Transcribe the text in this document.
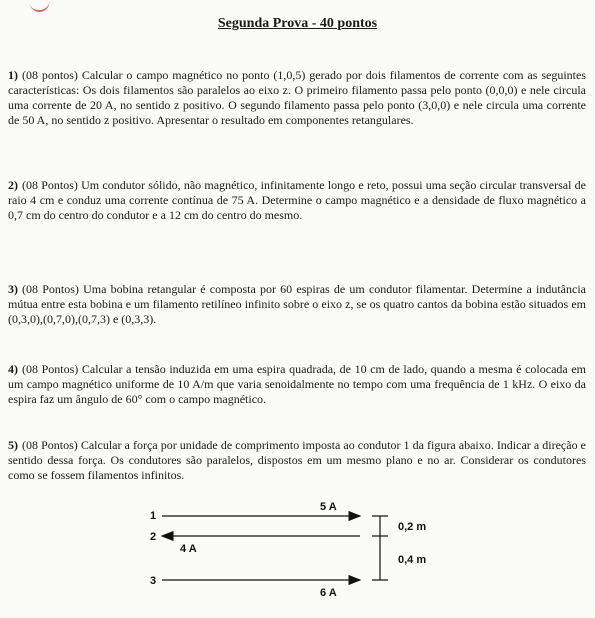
Segunda Prova - 40 pontos
1) (08 pontos) Calcular o campo magnético no ponto (1,0,5) gerado por dois filamentos de corrente com as seguintes características: Os dois filamentos são paralelos ao eixo z. O primeiro filamento passa pelo ponto (0,0,0) e nele circula uma corrente de 20 A, no sentido z positivo. O segundo filamento passa pelo ponto (3,0,0) e nele circula uma corrente de 50 A, no sentido z positivo. Apresentar o resultado em componentes retangulares.
2) (08 Pontos) Um condutor sólido, não magnético, infinitamente longo e reto, possui uma seção circular transversal de raio 4 cm e conduz uma corrente contínua de 75 A. Determine o campo magnético e a densidade de fluxo magnético a 0,7 cm do centro do condutor e a 12 cm do centro do mesmo.
3) (08 Pontos) Uma bobina retangular é composta por 60 espiras de um condutor filamentar. Determine a indutância mútua entre esta bobina e um filamento retilíneo infinito sobre o eixo z, se os quatro cantos da bobina estão situados em (0,3,0),(0,7,0),(0,7,3) e (0,3,3).
4) (08 Pontos) Calcular a tensão induzida em uma espira quadrada, de 10 cm de lado, quando a mesma é colocada em um campo magnético uniforme de 10 A/m que varia senoidalmente no tempo com uma frequência de 1 kHz. O eixo da espira faz um ângulo de 60° com o campo magnético.
5) (08 Pontos) Calcular a força por unidade de comprimento imposta ao condutor 1 da figura abaixo. Indicar a direção e sentido dessa força. Os condutores são paralelos, dispostos em um mesmo plano e no ar. Considerar os condutores como se fossem filamentos infinitos.
1
5 A
2
4 A
3
6 A
0,2 m
0,4 m
